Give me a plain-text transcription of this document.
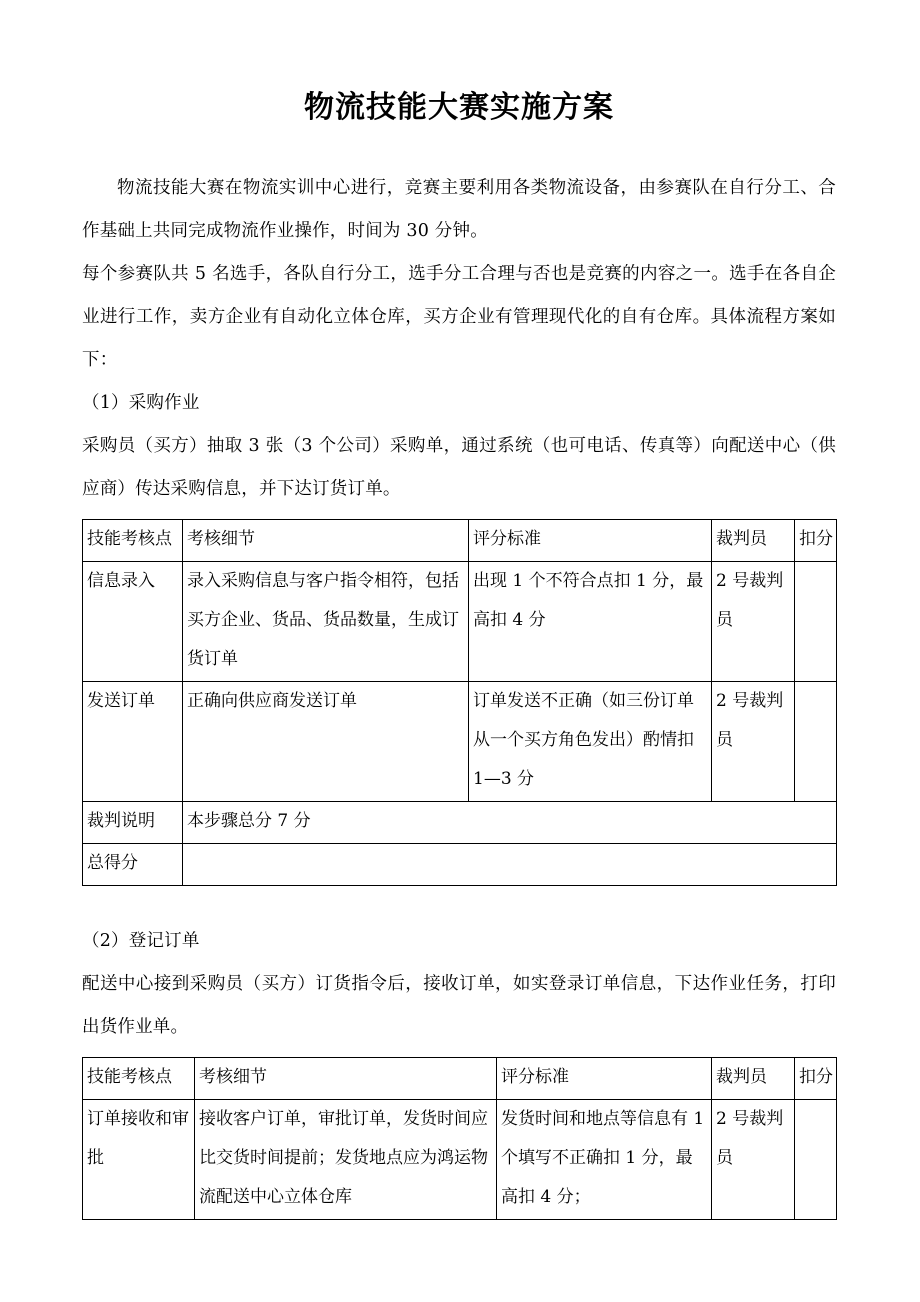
物流技能大赛实施方案

物流技能大赛在物流实训中心进行，竞赛主要利用各类物流设备，由参赛队在自行分工、合作基础上共同完成物流作业操作，时间为 30 分钟。

每个参赛队共 5 名选手，各队自行分工，选手分工合理与否也是竞赛的内容之一。选手在各自企业进行工作，卖方企业有自动化立体仓库，买方企业有管理现代化的自有仓库。具体流程方案如下：

（1）采购作业

采购员（买方）抽取 3 张（3 个公司）采购单，通过系统（也可电话、传真等）向配送中心（供应商）传达采购信息，并下达订货订单。

技能考核点	考核细节	评分标准	裁判员	扣分
信息录入	录入采购信息与客户指令相符，包括买方企业、货品、货品数量，生成订货订单	出现 1 个不符合点扣 1 分，最高扣 4 分	2 号裁判员	
发送订单	正确向供应商发送订单	订单发送不正确（如三份订单从一个买方角色发出）酌情扣 1—3 分	2 号裁判员	
裁判说明	本步骤总分 7 分			
总得分				

（2）登记订单

配送中心接到采购员（买方）订货指令后，接收订单，如实登录订单信息，下达作业任务，打印出货作业单。

技能考核点	考核细节	评分标准	裁判员	扣分
订单接收和审批	接收客户订单，审批订单，发货时间应比交货时间提前；发货地点应为鸿运物流配送中心立体仓库	发货时间和地点等信息有 1 个填写不正确扣 1 分，最高扣 4 分；	2 号裁判员	
